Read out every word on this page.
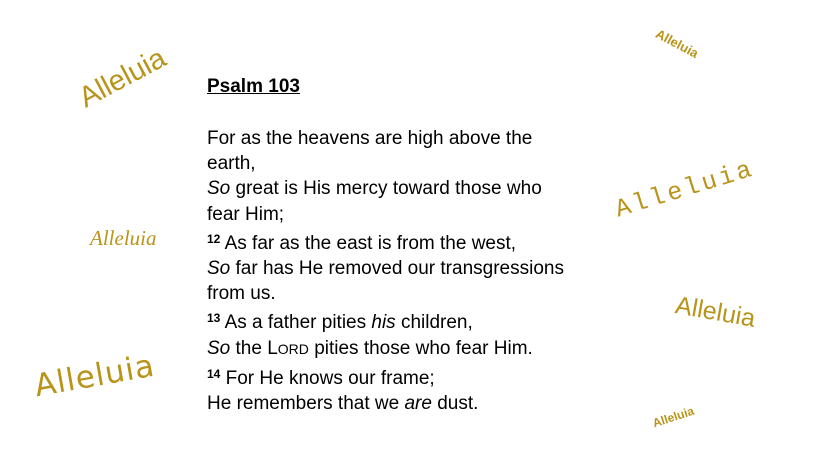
Psalm 103
For as the heavens are high above the
earth,
So great is His mercy toward those who
fear Him;
$^{12}$ As far as the east is from the west,
So far has He removed our transgressions
from us.
$^{13}$ As a father pities his children,
So the LORD pities those who fear Him.
$^{14}$ For He knows our frame;
He remembers that we are dust.
Alleluia	Alleluia
Alleluia
Alleluia
Alleluia
Alleluia
Alleluia
